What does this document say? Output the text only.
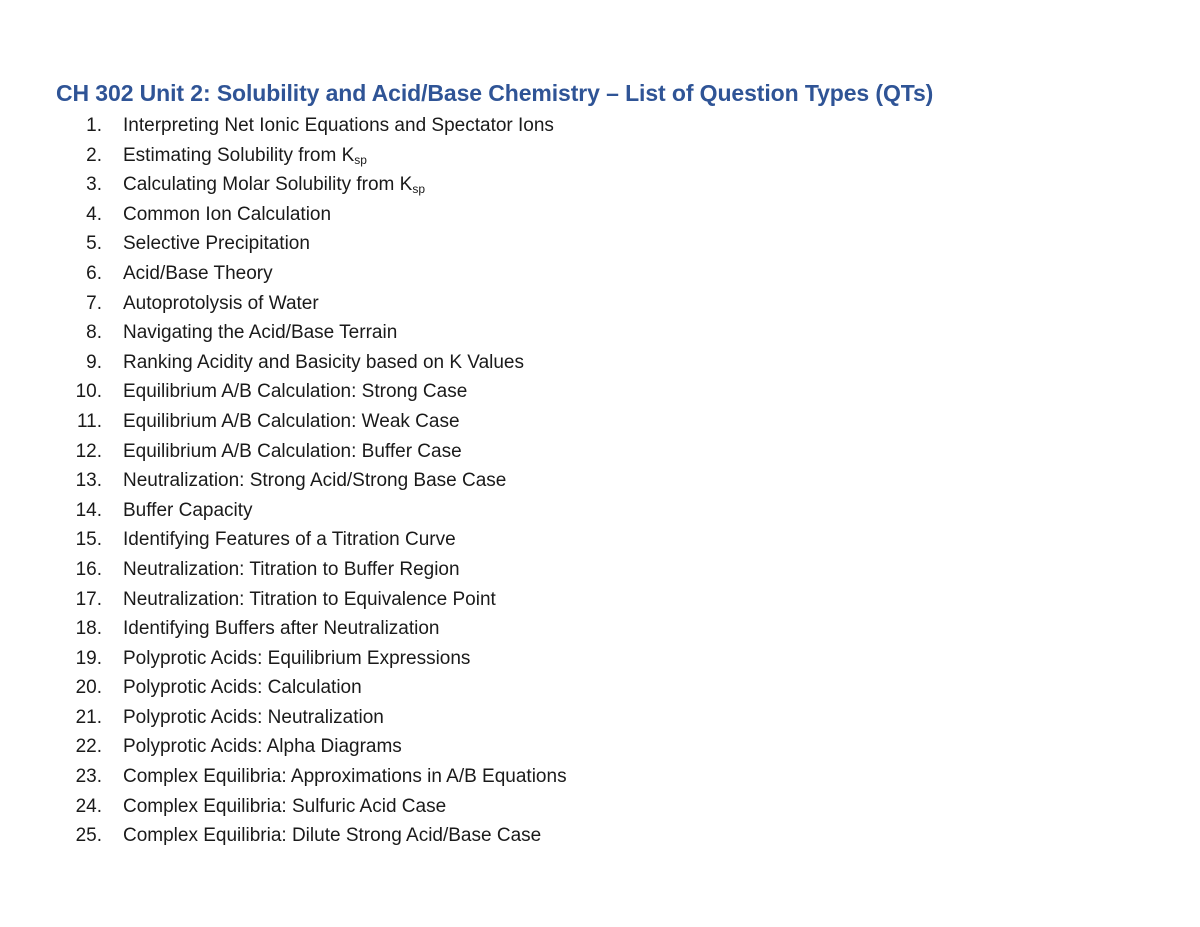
CH 302 Unit 2: Solubility and Acid/Base Chemistry – List of Question Types (QTs)
1. Interpreting Net Ionic Equations and Spectator Ions
2. Estimating Solubility from $K_{sp}$
3. Calculating Molar Solubility from $K_{sp}$
4. Common Ion Calculation
5. Selective Precipitation
6. Acid/Base Theory
7. Autoprotolysis of Water
8. Navigating the Acid/Base Terrain
9. Ranking Acidity and Basicity based on K Values
10. Equilibrium A/B Calculation: Strong Case
11. Equilibrium A/B Calculation: Weak Case
12. Equilibrium A/B Calculation: Buffer Case
13. Neutralization: Strong Acid/Strong Base Case
14. Buffer Capacity
15. Identifying Features of a Titration Curve
16. Neutralization: Titration to Buffer Region
17. Neutralization: Titration to Equivalence Point
18. Identifying Buffers after Neutralization
19. Polyprotic Acids: Equilibrium Expressions
20. Polyprotic Acids: Calculation
21. Polyprotic Acids: Neutralization
22. Polyprotic Acids: Alpha Diagrams
23. Complex Equilibria: Approximations in A/B Equations
24. Complex Equilibria: Sulfuric Acid Case
25. Complex Equilibria: Dilute Strong Acid/Base Case
